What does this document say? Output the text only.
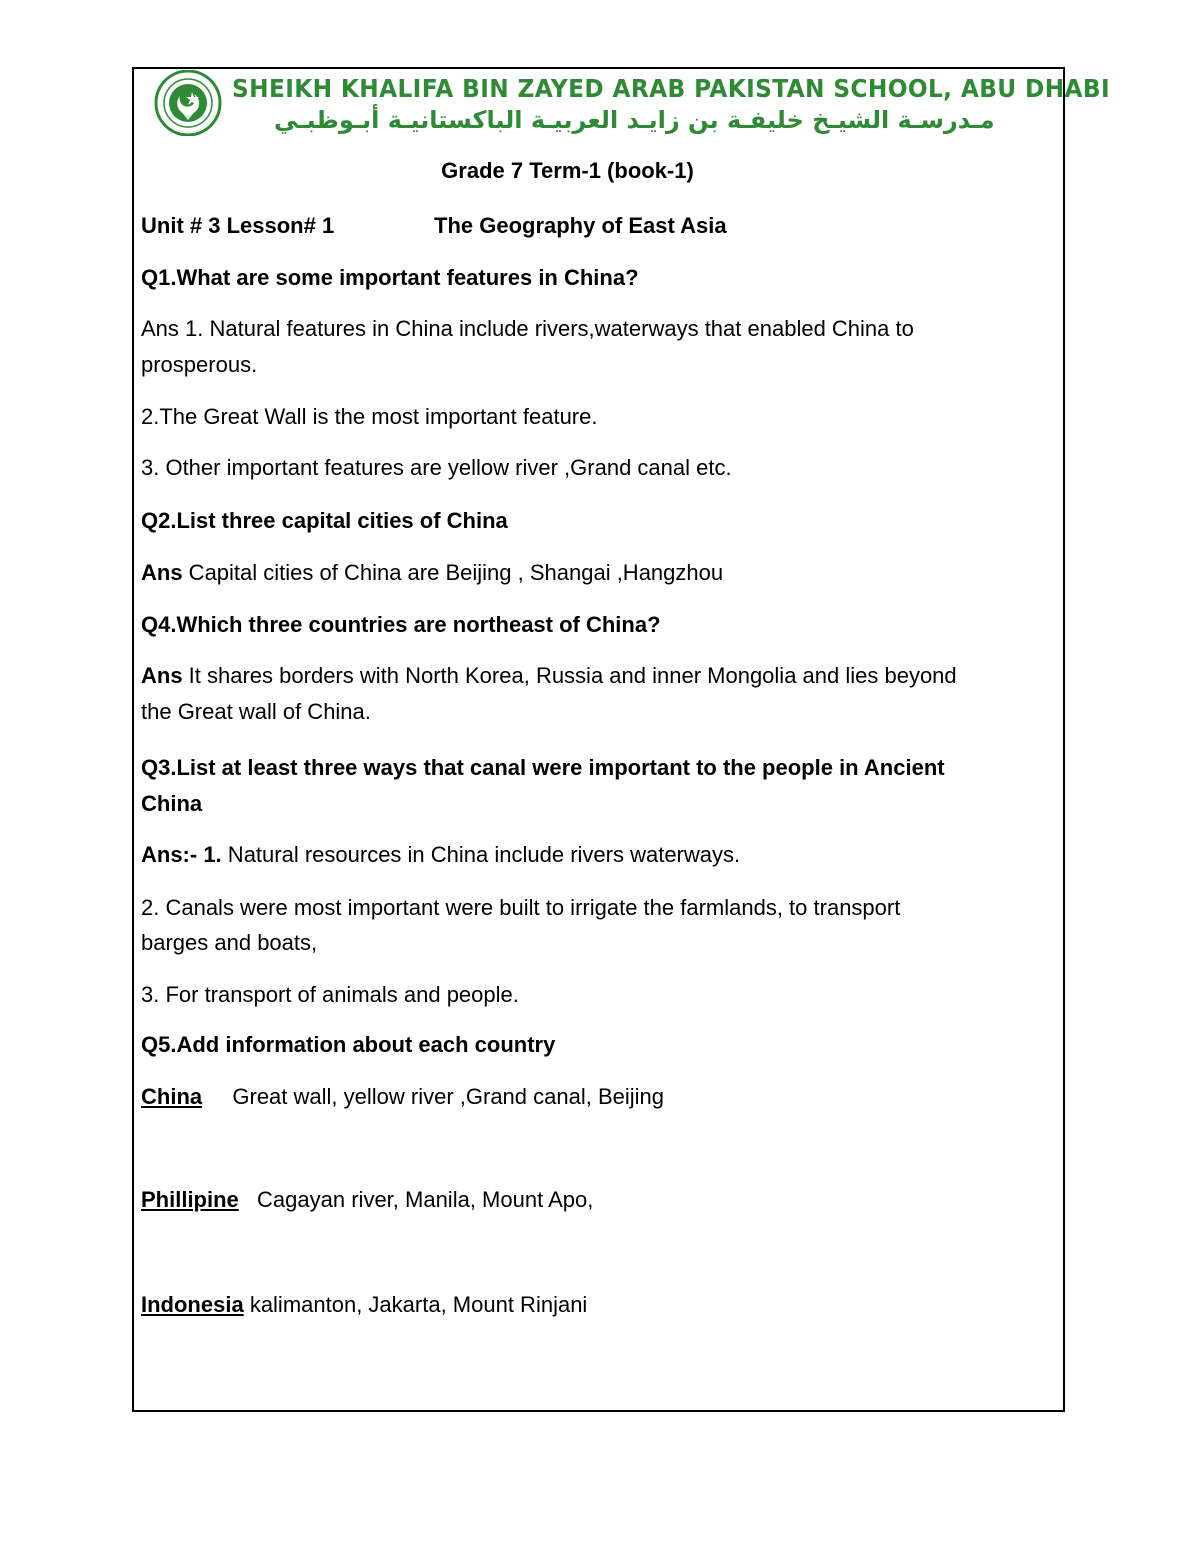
SHEIKH KHALIFA BIN ZAYED ARAB PAKISTAN SCHOOL, ABU DHABI
مـدرسـة الشيـخ خليفـة بن زايـد العربيـة الباكستانيـة أبـوظبـي
Grade 7 Term-1 (book-1)
Unit # 3 Lesson# 1	The Geography of East Asia
Q1.What are some important features in China?
Ans 1. Natural features in China include rivers,waterways that enabled China to
prosperous.
2.The Great Wall is the most important feature.
3. Other important features are yellow river ,Grand canal etc.
Q2.List three capital cities of China
Ans Capital cities of China are Beijing , Shangai ,Hangzhou
Q4.Which three countries are northeast of China?
Ans It shares borders with North Korea, Russia and inner Mongolia and lies beyond
the Great wall of China.
Q3.List at least three ways that canal were important to the people in Ancient
China
Ans:- 1. Natural resources in China include rivers waterways.
2. Canals were most important were built to irrigate the farmlands, to transport
barges and boats,
3. For transport of animals and people.
Q5.Add information about each country
China Great wall, yellow river ,Grand canal, Beijing
Phillipine Cagayan river, Manila, Mount Apo,
Indonesia kalimanton, Jakarta, Mount Rinjani
